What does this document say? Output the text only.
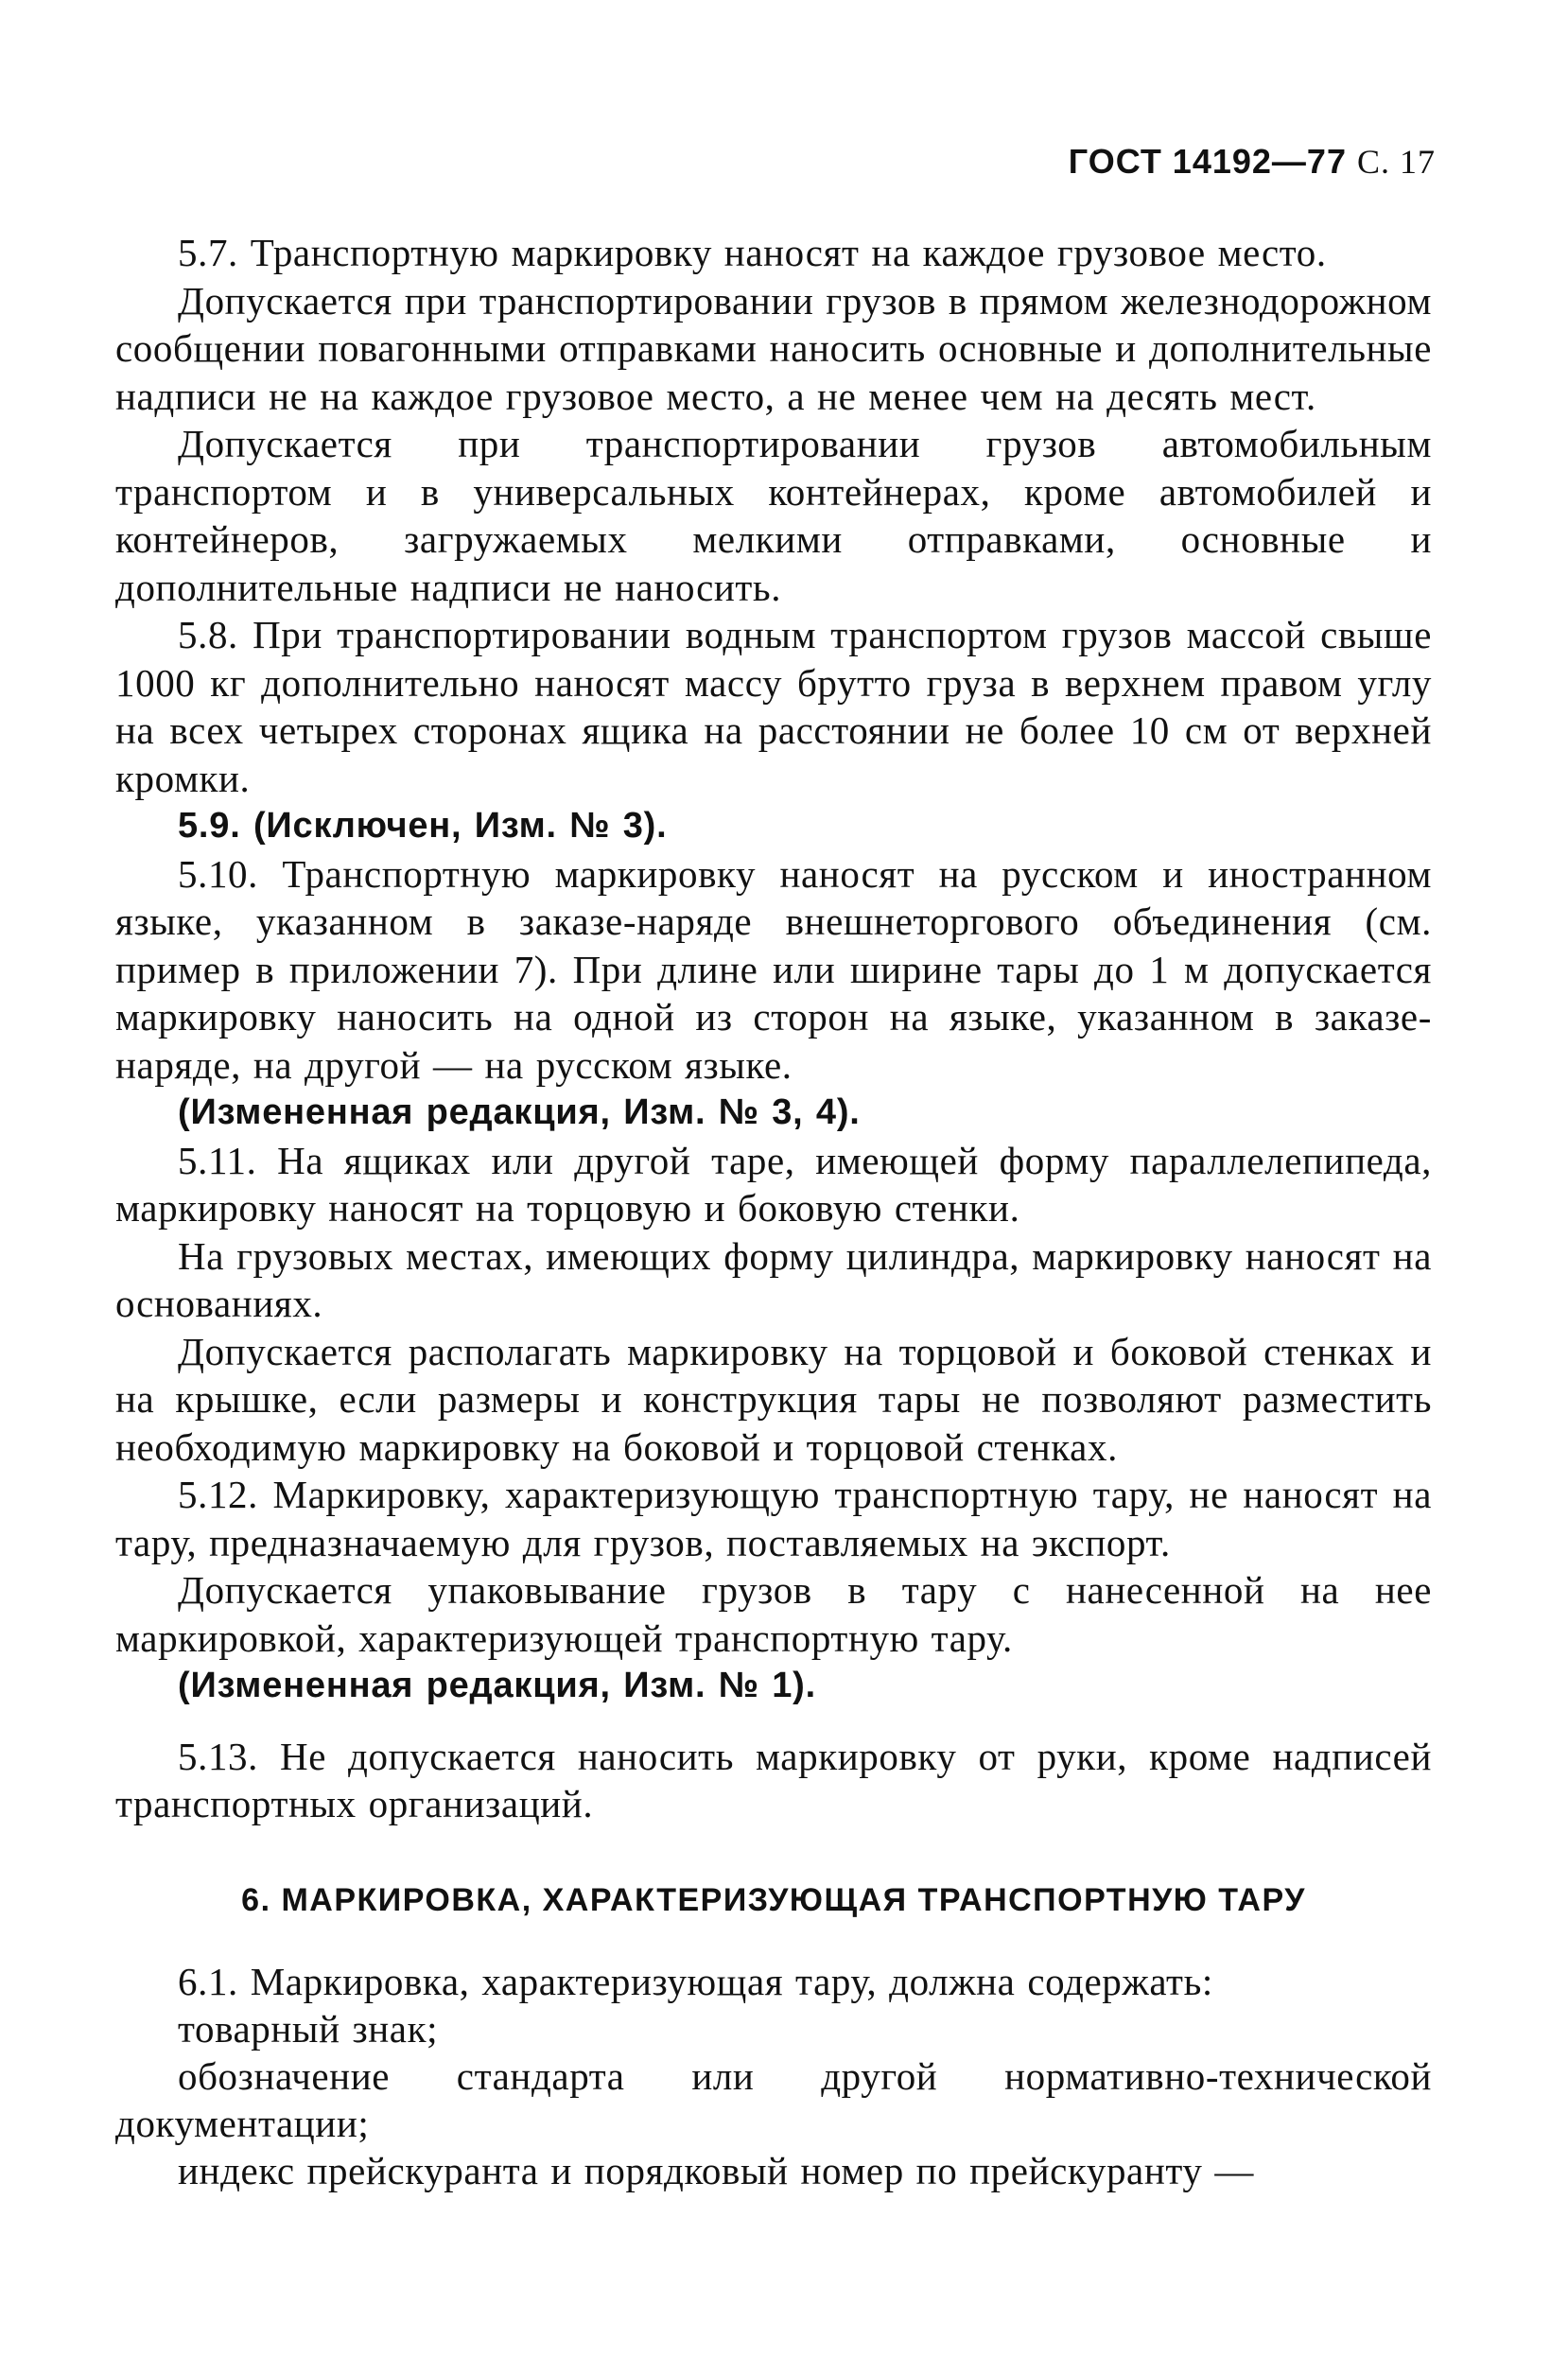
ГОСТ 14192—77 С. 17

5.7. Транспортную маркировку наносят на каждое грузовое место.

Допускается при транспортировании грузов в прямом железнодорожном сообщении повагонными отправками наносить основные и дополнительные надписи не на каждое грузовое место, а не менее чем на десять мест.

Допускается при транспортировании грузов автомобильным транспортом и в универсальных контейнерах, кроме автомобилей и контейнеров, загружаемых мелкими отправками, основные и дополнительные надписи не наносить.

5.8. При транспортировании водным транспортом грузов массой свыше 1000 кг дополнительно наносят массу брутто груза в верхнем правом углу на всех четырех сторонах ящика на расстоянии не более 10 см от верхней кромки.

5.9. (Исключен, Изм. № 3).

5.10. Транспортную маркировку наносят на русском и иностранном языке, указанном в заказе-наряде внешнеторгового объединения (см. пример в приложении 7). При длине или ширине тары до 1 м допускается маркировку наносить на одной из сторон на языке, указанном в заказе-наряде, на другой — на русском языке.

(Измененная редакция, Изм. № 3, 4).

5.11. На ящиках или другой таре, имеющей форму параллелепипеда, маркировку наносят на торцовую и боковую стенки.

На грузовых местах, имеющих форму цилиндра, маркировку наносят на основаниях.

Допускается располагать маркировку на торцовой и боковой стенках и на крышке, если размеры и конструкция тары не позволяют разместить необходимую маркировку на боковой и торцовой стенках.

5.12. Маркировку, характеризующую транспортную тару, не наносят на тару, предназначаемую для грузов, поставляемых на экспорт.

Допускается упаковывание грузов в тару с нанесенной на нее маркировкой, характеризующей транспортную тару.

(Измененная редакция, Изм. № 1).

5.13. Не допускается наносить маркировку от руки, кроме надписей транспортных организаций.

6. МАРКИРОВКА, ХАРАКТЕРИЗУЮЩАЯ ТРАНСПОРТНУЮ ТАРУ

6.1. Маркировка, характеризующая тару, должна содержать:

товарный знак;

обозначение стандарта или другой нормативно-технической документации;

индекс прейскуранта и порядковый номер по прейскуранту —
